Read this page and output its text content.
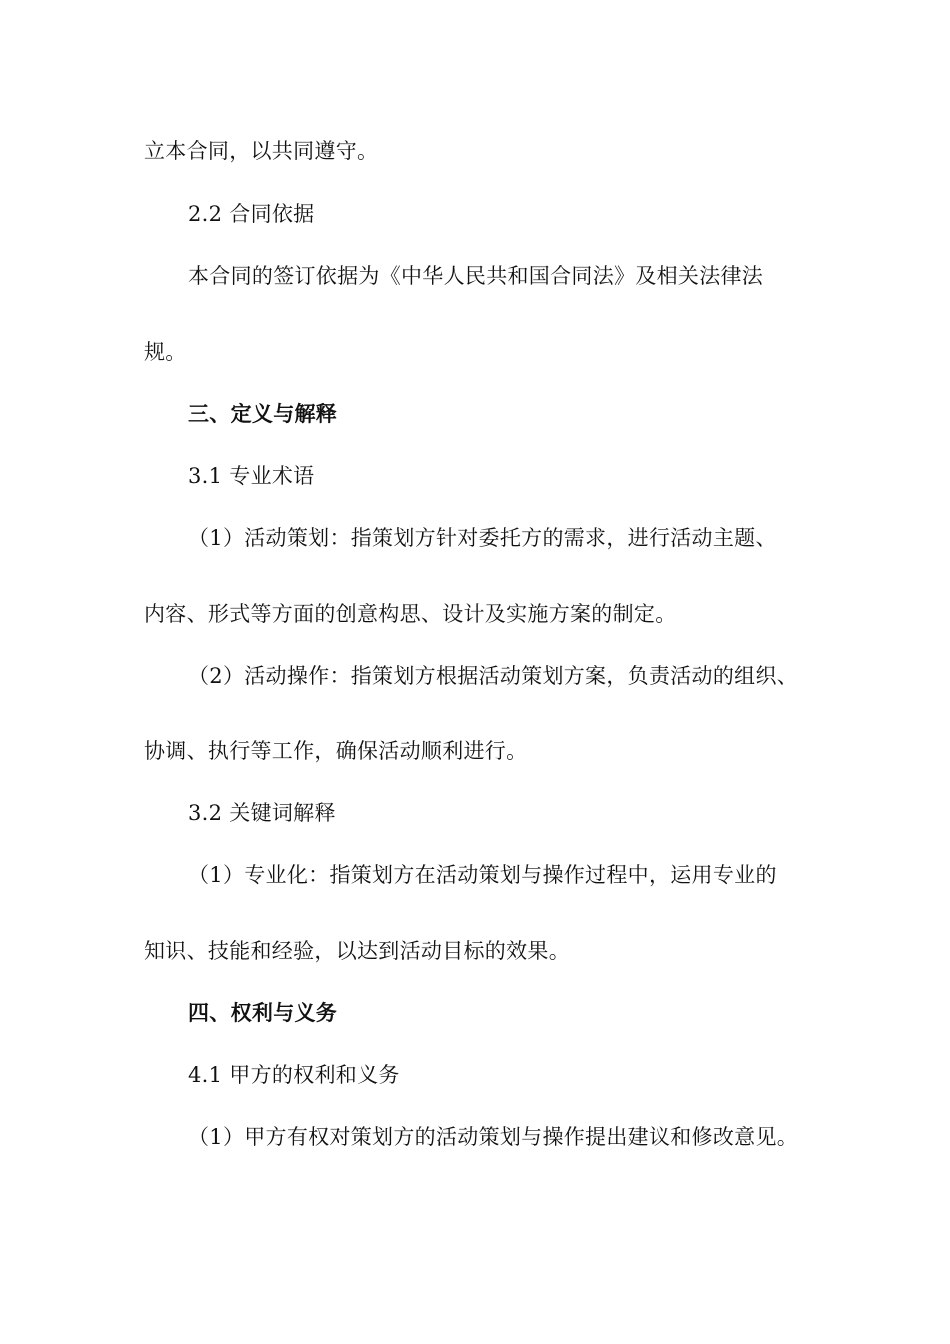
立本合同，以共同遵守。
2.2 合同依据
本合同的签订依据为《中华人民共和国合同法》及相关法律法
规。
三、定义与解释
3.1 专业术语
（1）活动策划：指策划方针对委托方的需求，进行活动主题、
内容、形式等方面的创意构思、设计及实施方案的制定。
（2）活动操作：指策划方根据活动策划方案，负责活动的组织、
协调、执行等工作，确保活动顺利进行。
3.2 关键词解释
（1）专业化：指策划方在活动策划与操作过程中，运用专业的
知识、技能和经验，以达到活动目标的效果。
四、权利与义务
4.1 甲方的权利和义务
（1）甲方有权对策划方的活动策划与操作提出建议和修改意见。
